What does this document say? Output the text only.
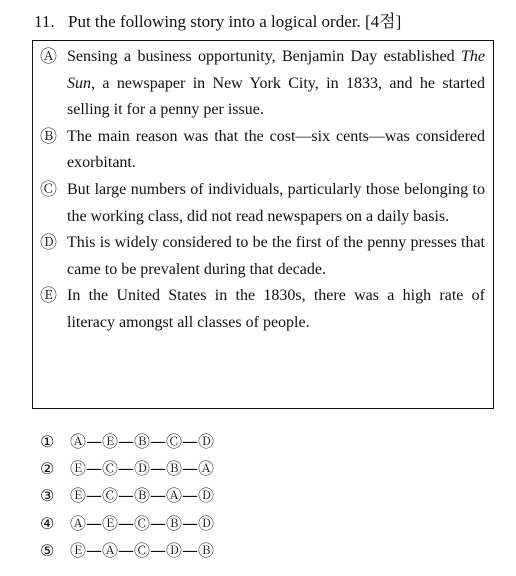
11. Put the following story into a logical order. [4점]
Ⓐ Sensing a business opportunity, Benjamin Day established The Sun, a newspaper in New York City, in 1833, and he started selling it for a penny per issue.
Ⓑ The main reason was that the cost—six cents—was considered exorbitant.
Ⓒ But large numbers of individuals, particularly those belonging to the working class, did not read newspapers on a daily basis.
Ⓓ This is widely considered to be the first of the penny presses that came to be prevalent during that decade.
Ⓔ In the United States in the 1830s, there was a high rate of literacy amongst all classes of people.
① Ⓐ—Ⓔ—Ⓑ—Ⓒ—Ⓓ
② Ⓔ—Ⓒ—Ⓓ—Ⓑ—Ⓐ
③ Ⓔ—Ⓒ—Ⓑ—Ⓐ—Ⓓ
④ Ⓐ—Ⓔ—Ⓒ—Ⓑ—Ⓓ
⑤ Ⓔ—Ⓐ—Ⓒ—Ⓓ—Ⓑ
